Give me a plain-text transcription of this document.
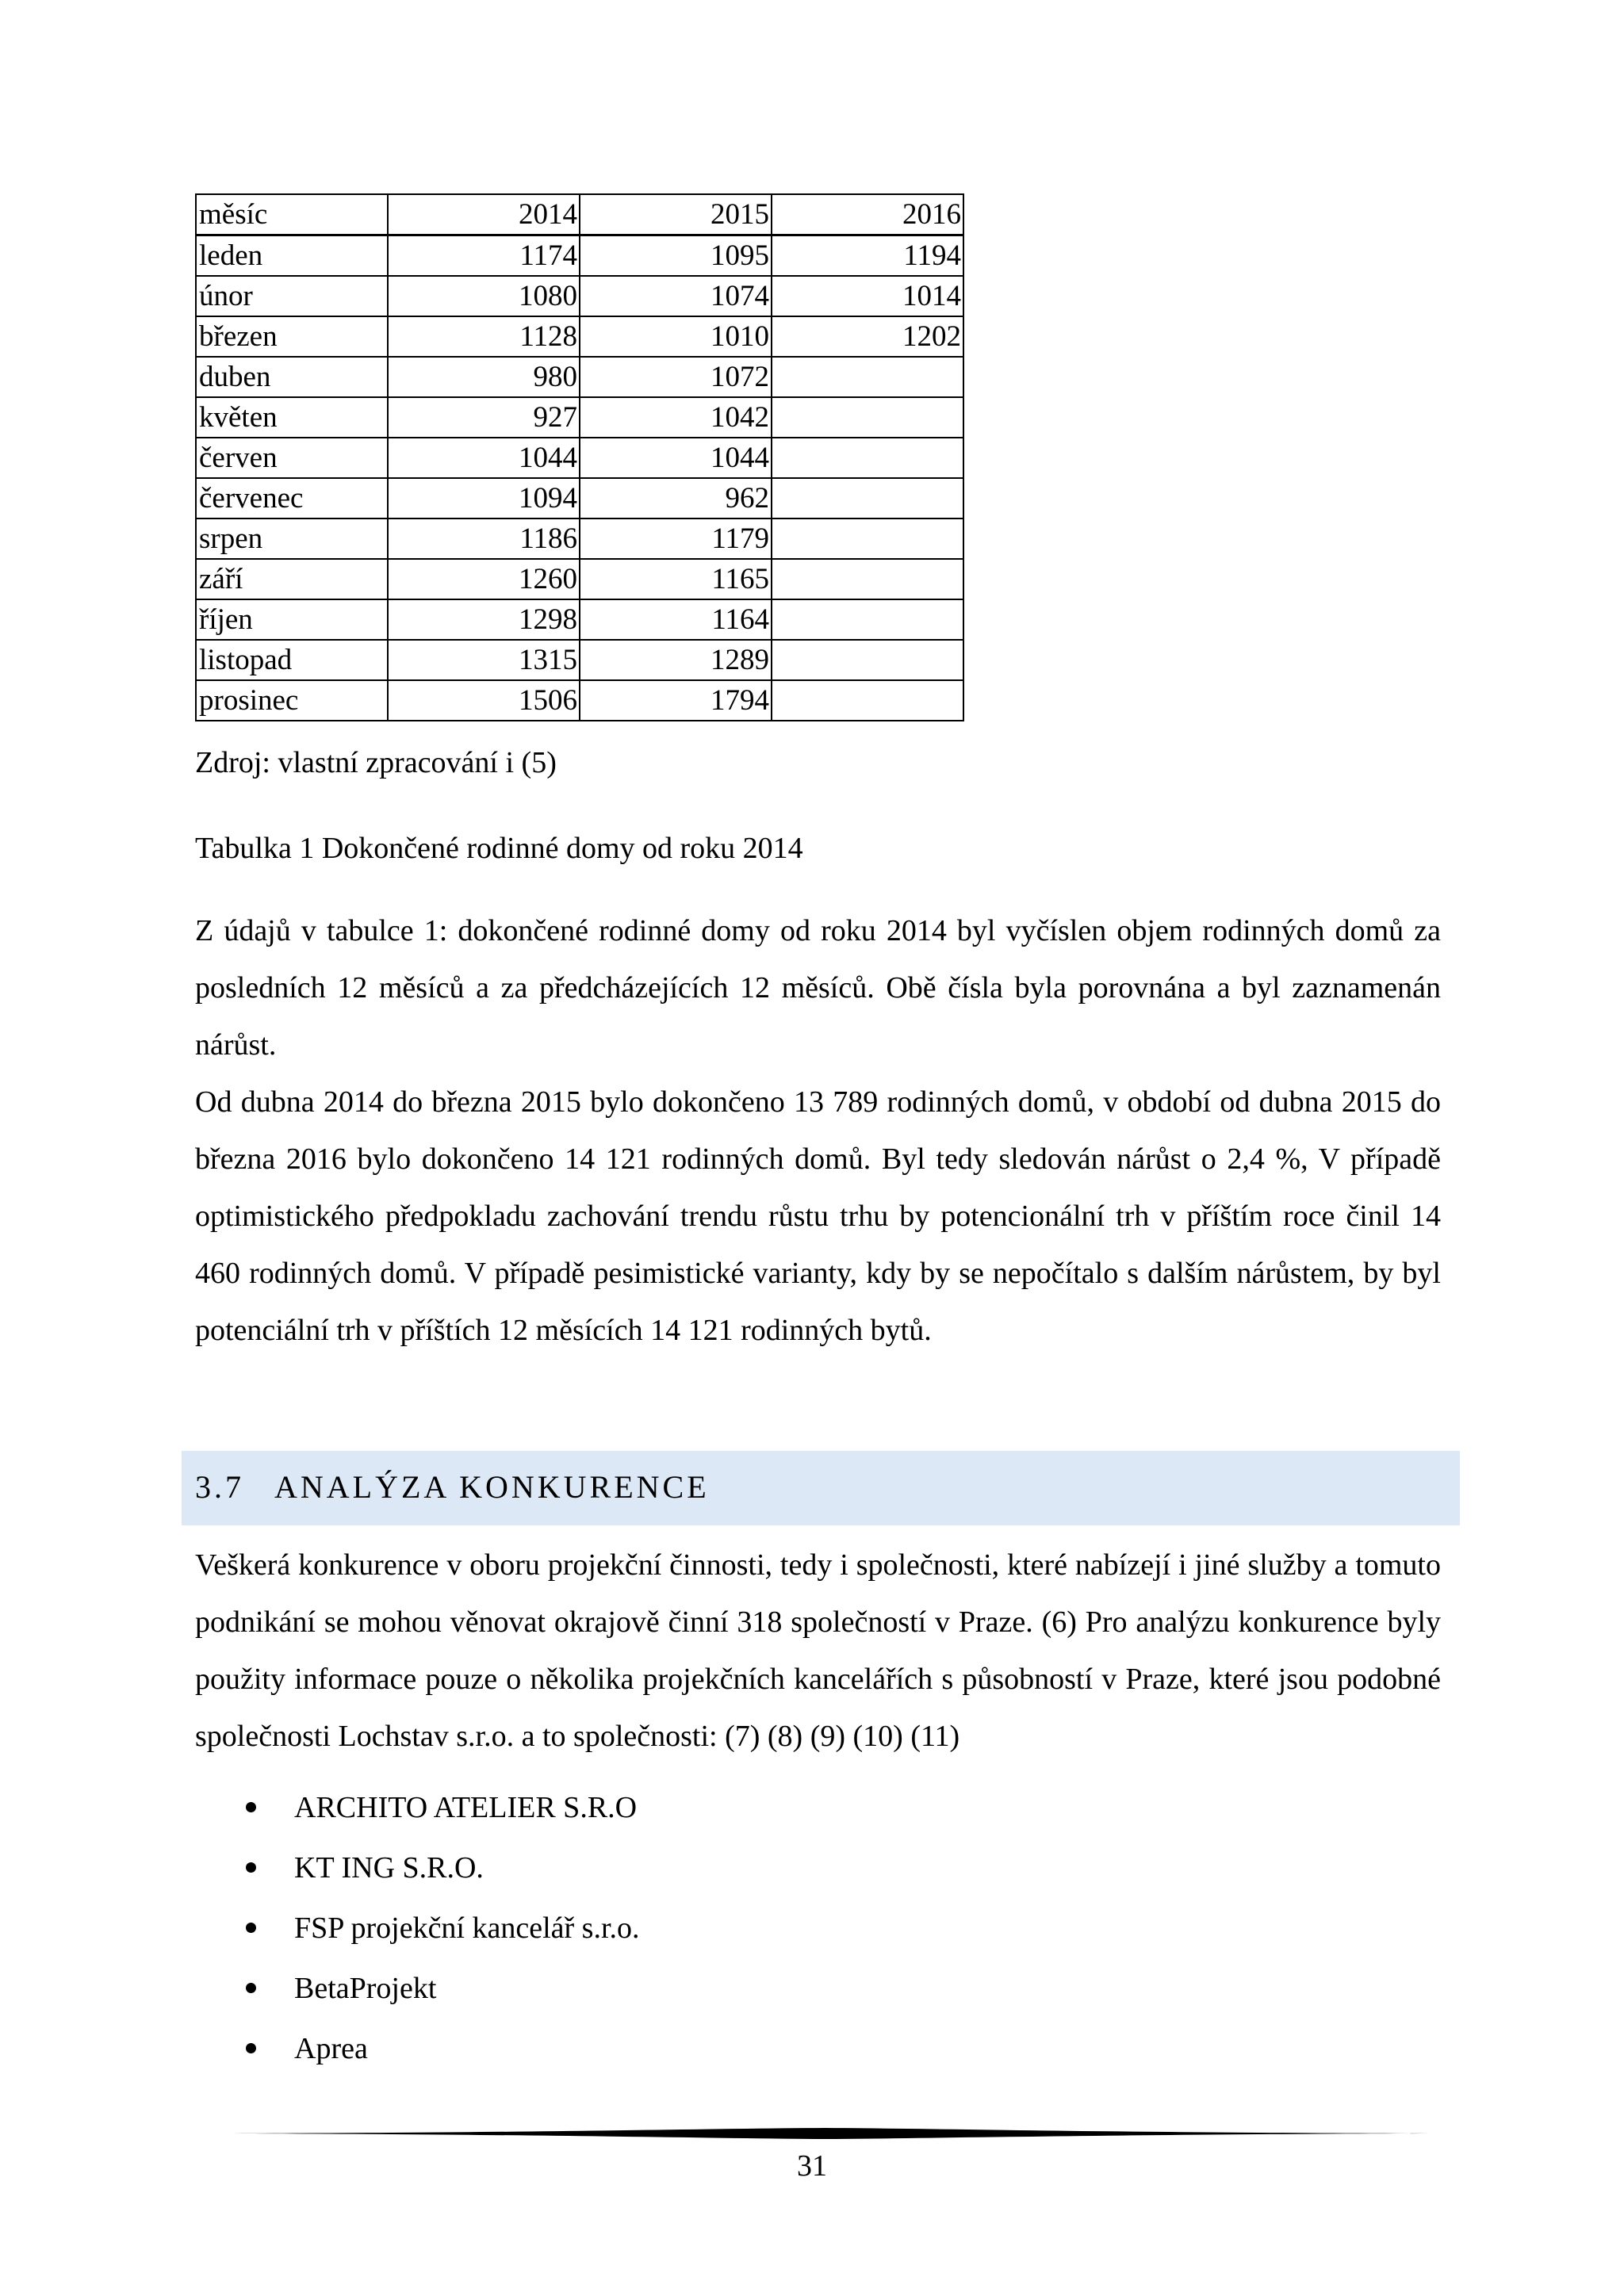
měsíc	2014	2015	2016
leden	1174	1095	1194
únor	1080	1074	1014
březen	1128	1010	1202
duben	980	1072	
květen	927	1042	
červen	1044	1044	
červenec	1094	962	
srpen	1186	1179	
září	1260	1165	
říjen	1298	1164	
listopad	1315	1289	
prosinec	1506	1794	
Zdroj: vlastní zpracování i (5)
Tabulka 1 Dokončené rodinné domy od roku 2014

Z údajů v tabulce 1: dokončené rodinné domy od roku 2014 byl vyčíslen objem rodinných domů za posledních 12 měsíců a za předcházejících 12 měsíců. Obě čísla byla porovnána a byl zaznamenán nárůst.

Od dubna 2014 do března 2015 bylo dokončeno 13 789 rodinných domů, v období od dubna 2015 do března 2016 bylo dokončeno 14 121 rodinných domů. Byl tedy sledován nárůst o 2,4 %, V případě optimistického předpokladu zachování trendu růstu trhu by potencionální trh v příštím roce činil 14 460 rodinných domů. V případě pesimistické varianty, kdy by se nepočítalo s dalším nárůstem, by byl potenciální trh v příštích 12 měsících 14 121 rodinných bytů.

3.7 ANALÝZA KONKURENCE

Veškerá konkurence v oboru projekční činnosti, tedy i společnosti, které nabízejí i jiné služby a tomuto podnikání se mohou věnovat okrajově činní 318 společností v Praze. (6) Pro analýzu konkurence byly použity informace pouze o několika projekčních kancelářích s působností v Praze, které jsou podobné společnosti Lochstav s.r.o. a to společnosti: (7) (8) (9) (10) (11)

ARCHITO ATELIER S.R.O
KT ING S.R.O.
FSP projekční kancelář s.r.o.
BetaProjekt
Aprea
31
